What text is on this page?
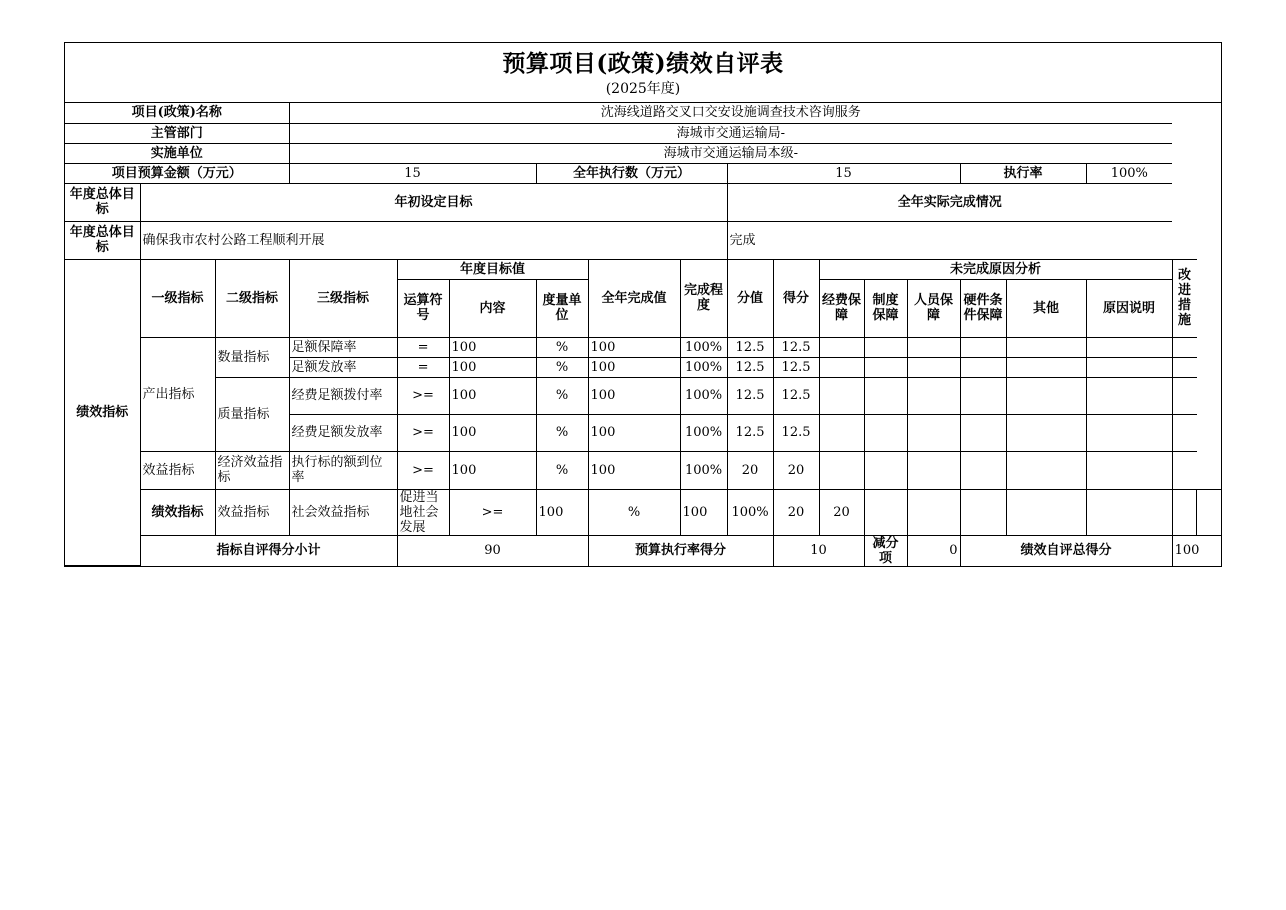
预算项目(政策)绩效自评表
(2025年度)
项目(政策)名称			沈海线道路交叉口交安设施调查技术咨询服务															
主管部门			海城市交通运输局-															
实施单位			海城市交通运输局本级-															
项目预算金额（万元）			15			全年执行数（万元）			15					执行率		100%		
年度总体目标	年初设定目标								全年实际完成情况									
年度总体目标	确保我市农村公路工程顺利开展								完成									
绩效指标	一级指标	二级指标	三级指标	年度目标值			全年完成值	完成程度	分值	得分	未完成原因分析						改进措施	
				运算符号	内容	度量单位					经费保障	制度保障	人员保障	硬件条件保障	其他	原因说明		
	产出指标	数量指标	足额保障率	=	100	%	100	100%	12.5	12.5								
			足额发放率	=	100	%	100	100%	12.5	12.5								
		质量指标	经费足额拨付率	>=	100	%	100	100%	12.5	12.5								
			经费足额发放率	>=	100	%	100	100%	12.5	12.5								
	效益指标	经济效益指标	执行标的额到位率	>=	100	%	100	100%	20	20								
	绩效指标	效益指标	社会效益指标	促进当地社会发展	>=	100	%	100	100%	20	20							
	指标自评得分小计			90			预算执行率得分			10		减分项	0	绩效自评总得分			100	
